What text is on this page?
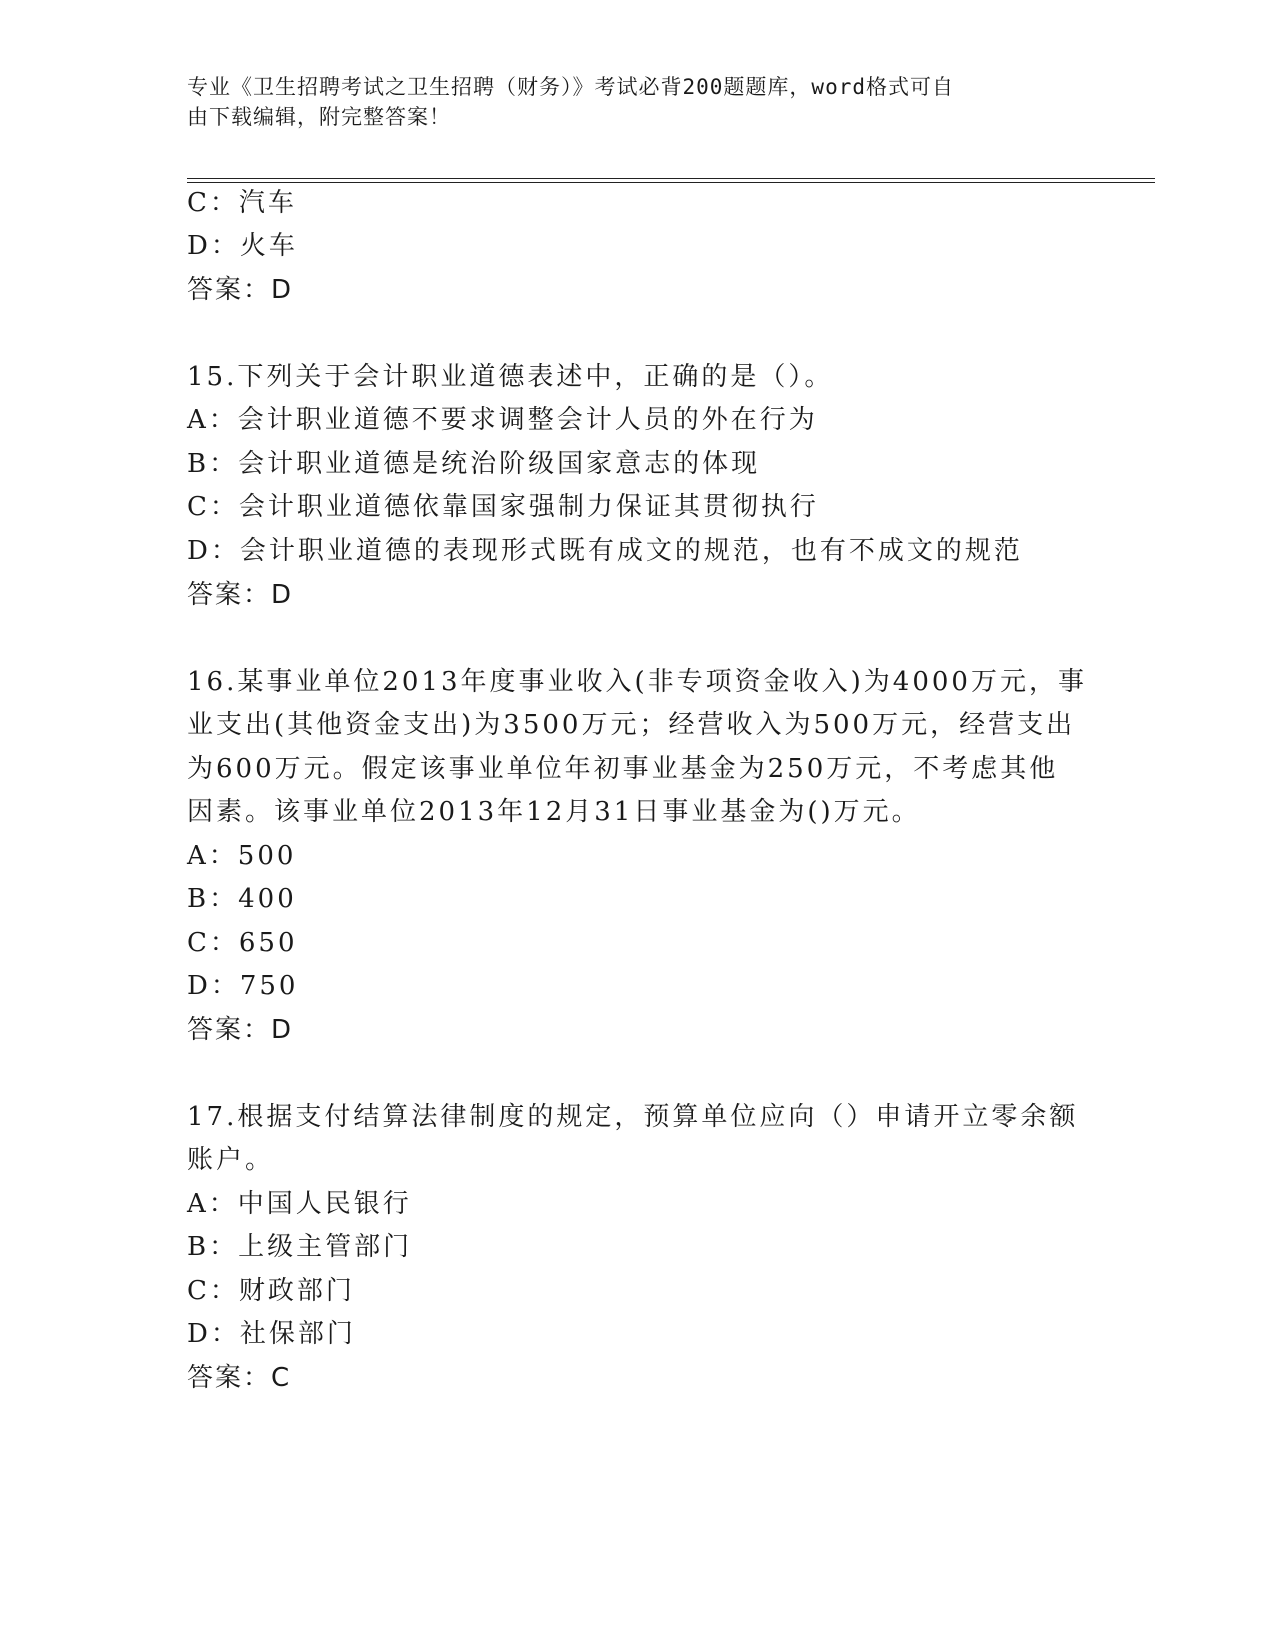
专业《卫生招聘考试之卫生招聘（财务）》考试必背200题题库，word格式可自
由下载编辑，附完整答案！
C：汽车
D：火车
答案：D
15.下列关于会计职业道德表述中，正确的是（）。
A：会计职业道德不要求调整会计人员的外在行为
B：会计职业道德是统治阶级国家意志的体现
C：会计职业道德依靠国家强制力保证其贯彻执行
D：会计职业道德的表现形式既有成文的规范，也有不成文的规范
答案：D
16.某事业单位2013年度事业收入(非专项资金收入)为4000万元，事
业支出(其他资金支出)为3500万元；经营收入为500万元，经营支出
为600万元。假定该事业单位年初事业基金为250万元，不考虑其他
因素。该事业单位2013年12月31日事业基金为()万元。
A：500
B：400
C：650
D：750
答案：D
17.根据支付结算法律制度的规定，预算单位应向（）申请开立零余额
账户。
A：中国人民银行
B：上级主管部门
C：财政部门
D：社保部门
答案：C
